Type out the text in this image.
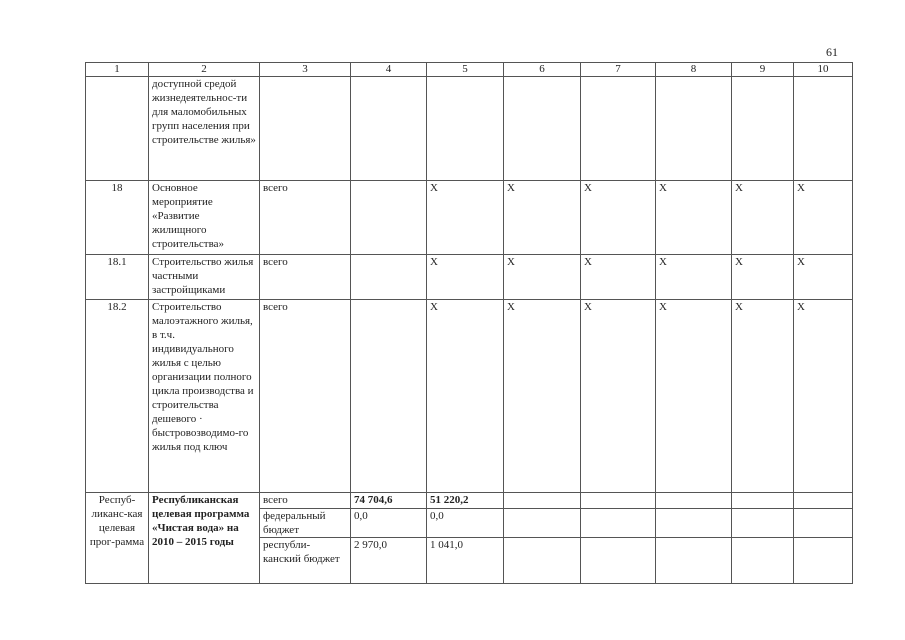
61
1	2	3	4	5	6	7	8	9	10
	доступной средой жизнедеятельнос-ти для маломобильных групп населения при строительстве жилья»								
18	Основное мероприятие «Развитие жилищного строительства»	всего		X	X	X	X	X	X
18.1	Строительство жилья частными застройщиками	всего		X	X	X	X	X	X
18.2	Строительство малоэтажного жилья, в т.ч. индивидуального жилья с целью организации полного цикла производства и строительства дешевого · быстровозводимо-го жилья под ключ	всего		X	X	X	X	X	X
Респуб-ликанс-кая целевая прог-рамма	Республиканская целевая программа «Чистая вода» на 2010 – 2015 годы	всего	74 704,6	51 220,2					
		федеральный бюджет	0,0	0,0					
		республи-канский бюджет	2 970,0	1 041,0					
